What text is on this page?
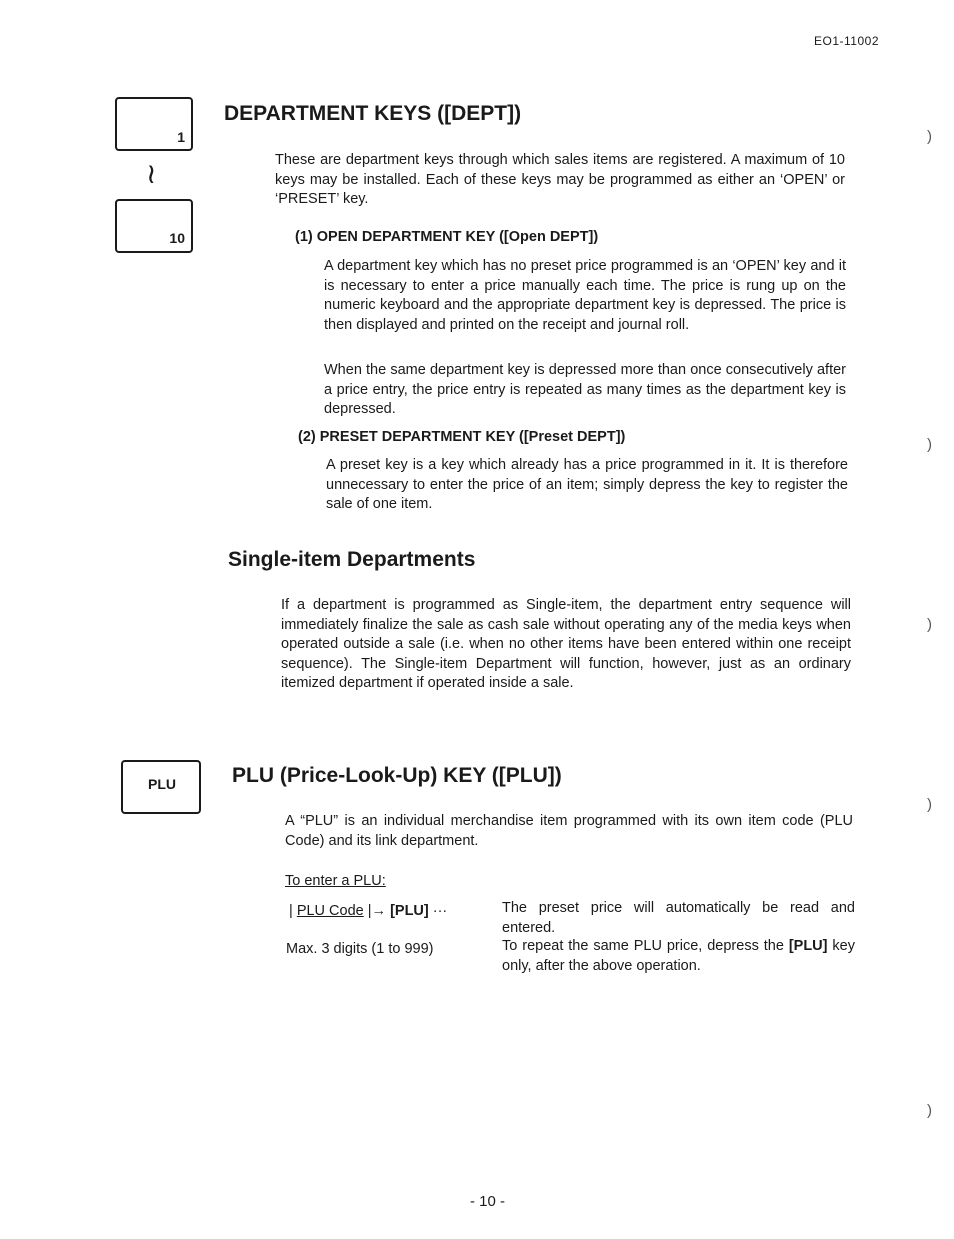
EO1-11002
1
≀
10
DEPARTMENT KEYS ([DEPT])

These are department keys through which sales items are registered. A maximum of 10 keys may be installed. Each of these keys may be programmed as either an ‘OPEN’ or ‘PRESET’ key.

(1) OPEN DEPARTMENT KEY ([Open DEPT])

A department key which has no preset price programmed is an ‘OPEN’ key and it is necessary to enter a price manually each time. The price is rung up on the numeric keyboard and the appropriate department key is depressed. The price is then displayed and printed on the receipt and journal roll.

When the same department key is depressed more than once consecutively after a price entry, the price entry is repeated as many times as the department key is depressed.

(2) PRESET DEPARTMENT KEY ([Preset DEPT])

A preset key is a key which already has a price programmed in it. It is therefore unnecessary to enter the price of an item; simply depress the key to register the sale of one item.

Single-item Departments

If a department is programmed as Single-item, the department entry sequence will immediately finalize the sale as cash sale without operating any of the media keys when operated outside a sale (i.e. when no other items have been entered within one receipt sequence). The Single-item Department will function, however, just as an ordinary itemized department if operated inside a sale.

PLU	PLU (Price-Look-Up) KEY ([PLU])

A “PLU” is an individual merchandise item programmed with its own item code (PLU Code) and its link department.

To enter a PLU:
| PLU Code |→ [PLU] ···
Max. 3 digits (1 to 999)

The preset price will automatically be read and entered.

To repeat the same PLU price, depress the [PLU] key only, after the above operation.

)
)
)
)
)
- 10 -
